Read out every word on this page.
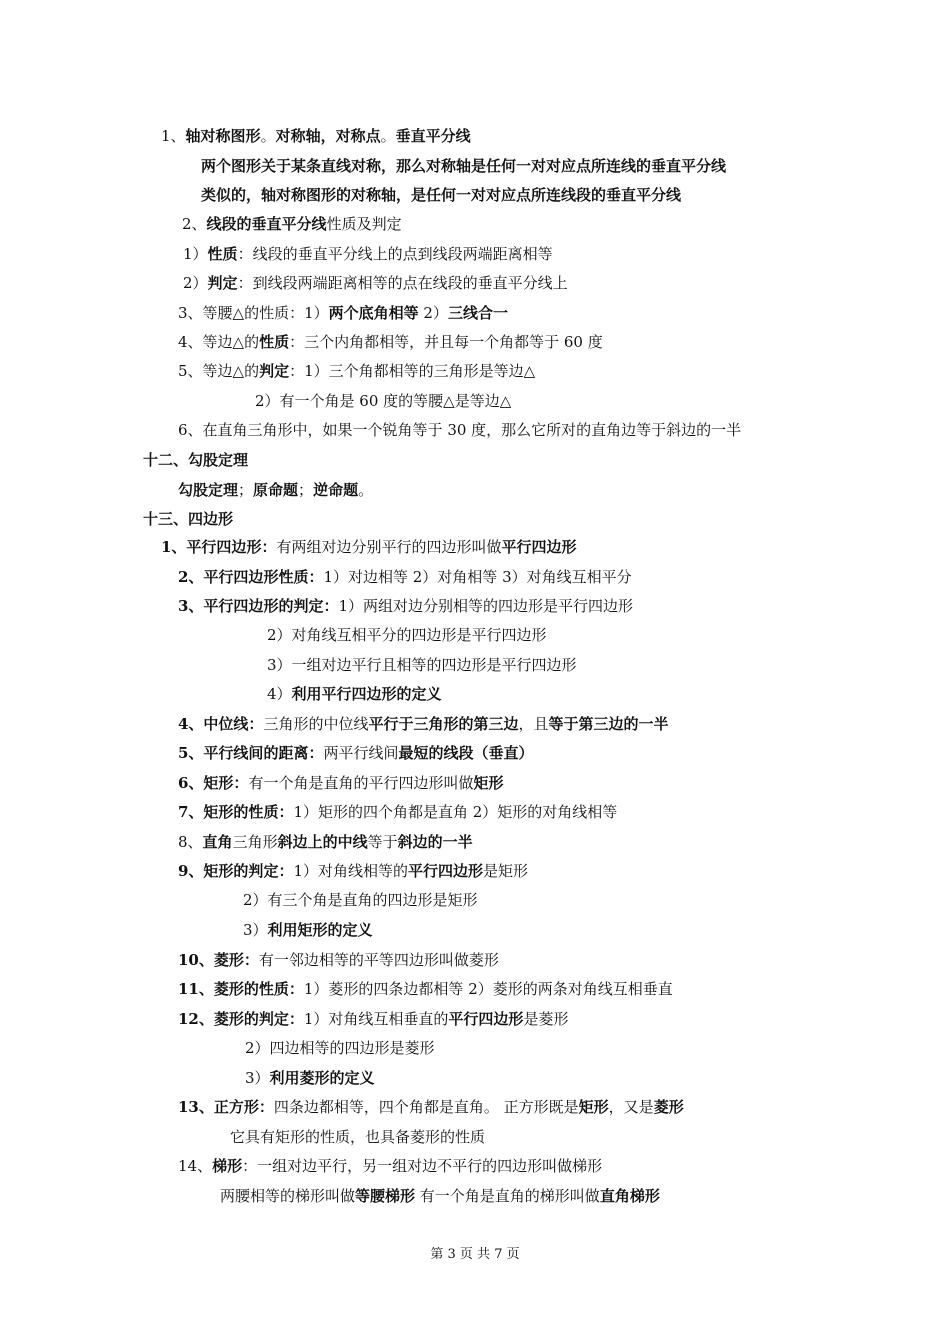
1、轴对称图形。对称轴，对称点。垂直平分线
两个图形关于某条直线对称，那么对称轴是任何一对对应点所连线的垂直平分线
类似的，轴对称图形的对称轴，是任何一对对应点所连线段的垂直平分线
2、线段的垂直平分线性质及判定
1）性质：线段的垂直平分线上的点到线段两端距离相等
2）判定：到线段两端距离相等的点在线段的垂直平分线上
3、等腰△的性质：1）两个底角相等 2）三线合一
4、等边△的性质：三个内角都相等，并且每一个角都等于 60 度
5、等边△的判定：1）三个角都相等的三角形是等边△
2）有一个角是 60 度的等腰△是等边△
6、在直角三角形中，如果一个锐角等于 30 度，那么它所对的直角边等于斜边的一半
十二、勾股定理
勾股定理；原命题；逆命题。
十三、四边形
1、平行四边形：有两组对边分别平行的四边形叫做平行四边形
2、平行四边形性质：1）对边相等 2）对角相等 3）对角线互相平分
3、平行四边形的判定：1）两组对边分别相等的四边形是平行四边形
2）对角线互相平分的四边形是平行四边形
3）一组对边平行且相等的四边形是平行四边形
4）利用平行四边形的定义
4、中位线：三角形的中位线平行于三角形的第三边，且等于第三边的一半
5、平行线间的距离：两平行线间最短的线段（垂直）
6、矩形：有一个角是直角的平行四边形叫做矩形
7、矩形的性质：1）矩形的四个角都是直角 2）矩形的对角线相等
8、直角三角形斜边上的中线等于斜边的一半
9、矩形的判定：1）对角线相等的平行四边形是矩形
2）有三个角是直角的四边形是矩形
3）利用矩形的定义
10、菱形：有一邻边相等的平等四边形叫做菱形
11、菱形的性质：1）菱形的四条边都相等 2）菱形的两条对角线互相垂直
12、菱形的判定：1）对角线互相垂直的平行四边形是菱形
2）四边相等的四边形是菱形
3）利用菱形的定义
13、正方形：四条边都相等，四个角都是直角。 正方形既是矩形，又是菱形
它具有矩形的性质，也具备菱形的性质
14、梯形：一组对边平行，另一组对边不平行的四边形叫做梯形
两腰相等的梯形叫做等腰梯形 有一个角是直角的梯形叫做直角梯形
第 3 页 共 7 页
